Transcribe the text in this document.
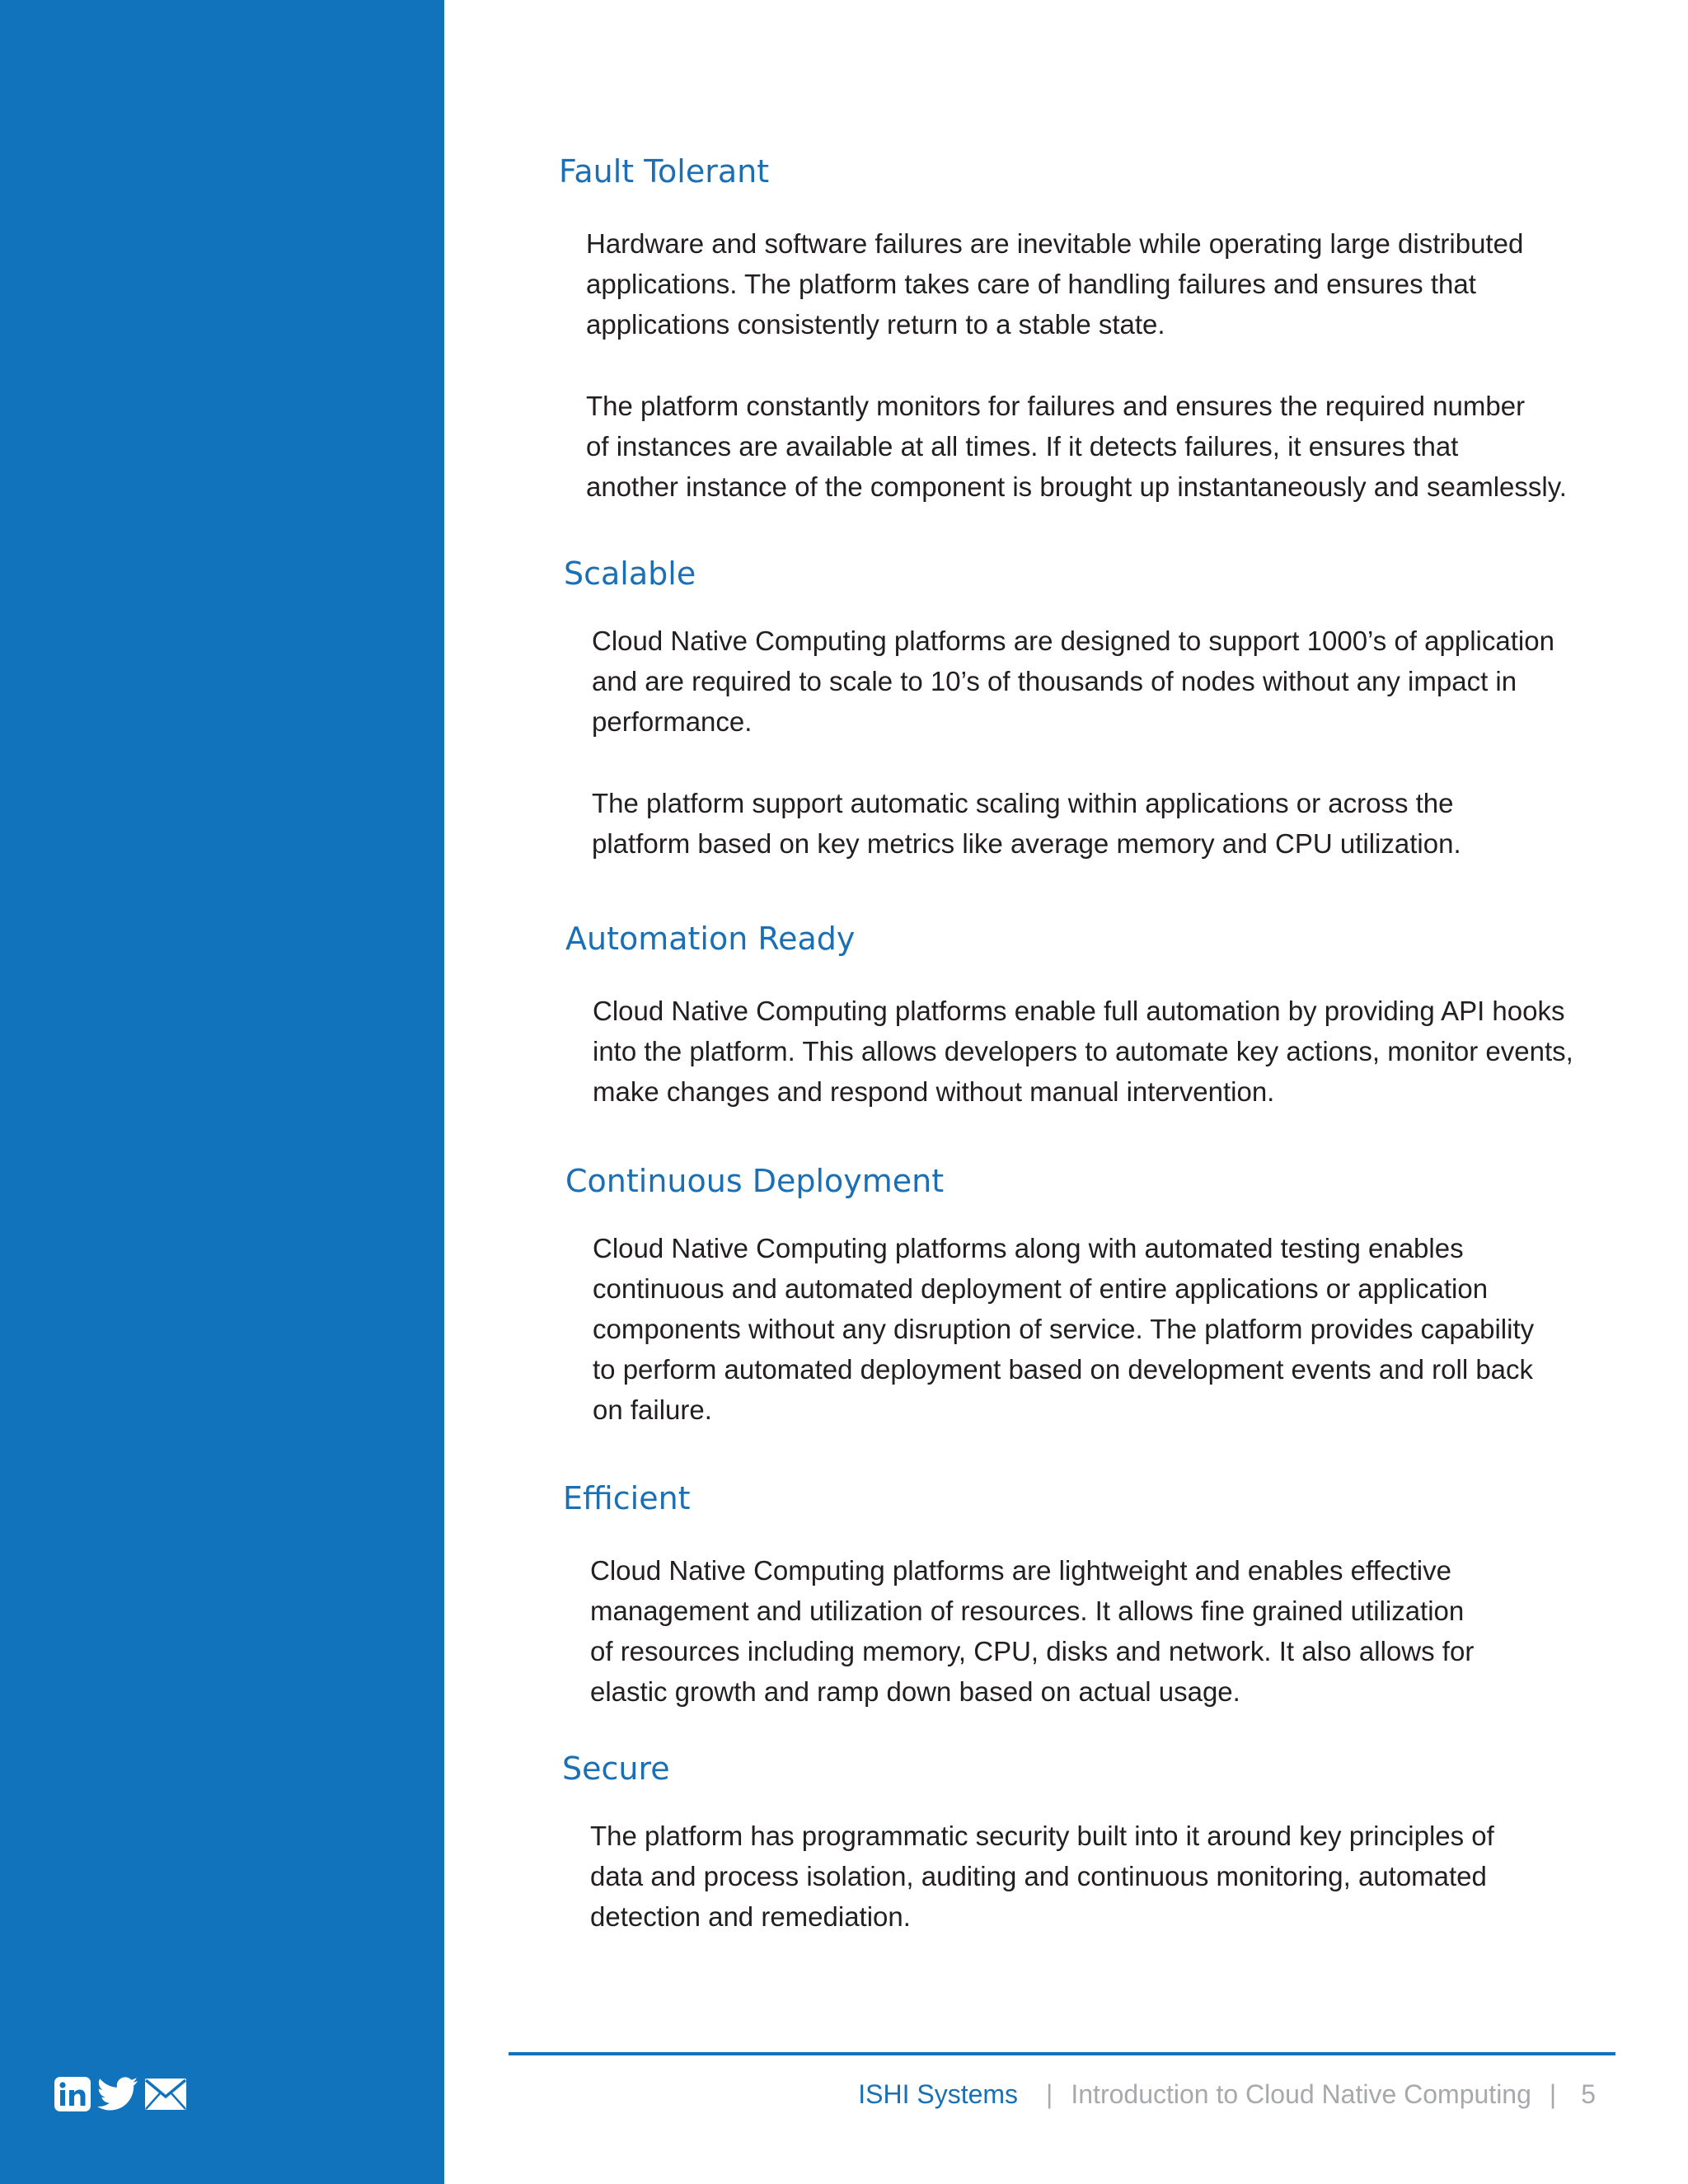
Fault Tolerant

Hardware and software failures are inevitable while operating large distributed
applications. The platform takes care of handling failures and ensures that
applications consistently return to a stable state.

The platform constantly monitors for failures and ensures the required number
of instances are available at all times. If it detects failures, it ensures that
another instance of the component is brought up instantaneously and seamlessly.

Scalable

Cloud Native Computing platforms are designed to support 1000’s of application
and are required to scale to 10’s of thousands of nodes without any impact in
performance.

The platform support automatic scaling within applications or across the
platform based on key metrics like average memory and CPU utilization.

Automation Ready

Cloud Native Computing platforms enable full automation by providing API hooks
into the platform. This allows developers to automate key actions, monitor events,
make changes and respond without manual intervention.

Continuous Deployment

Cloud Native Computing platforms along with automated testing enables
continuous and automated deployment of entire applications or application
components without any disruption of service. The platform provides capability
to perform automated deployment based on development events and roll back
on failure.

Efficient

Cloud Native Computing platforms are lightweight and enables effective
management and utilization of resources. It allows fine grained utilization
of resources including memory, CPU, disks and network. It also allows for
elastic growth and ramp down based on actual usage.

Secure

The platform has programmatic security built into it around key principles of
data and process isolation, auditing and continuous monitoring, automated
detection and remediation.

ISHI Systems | Introduction to Cloud Native Computing | 5
